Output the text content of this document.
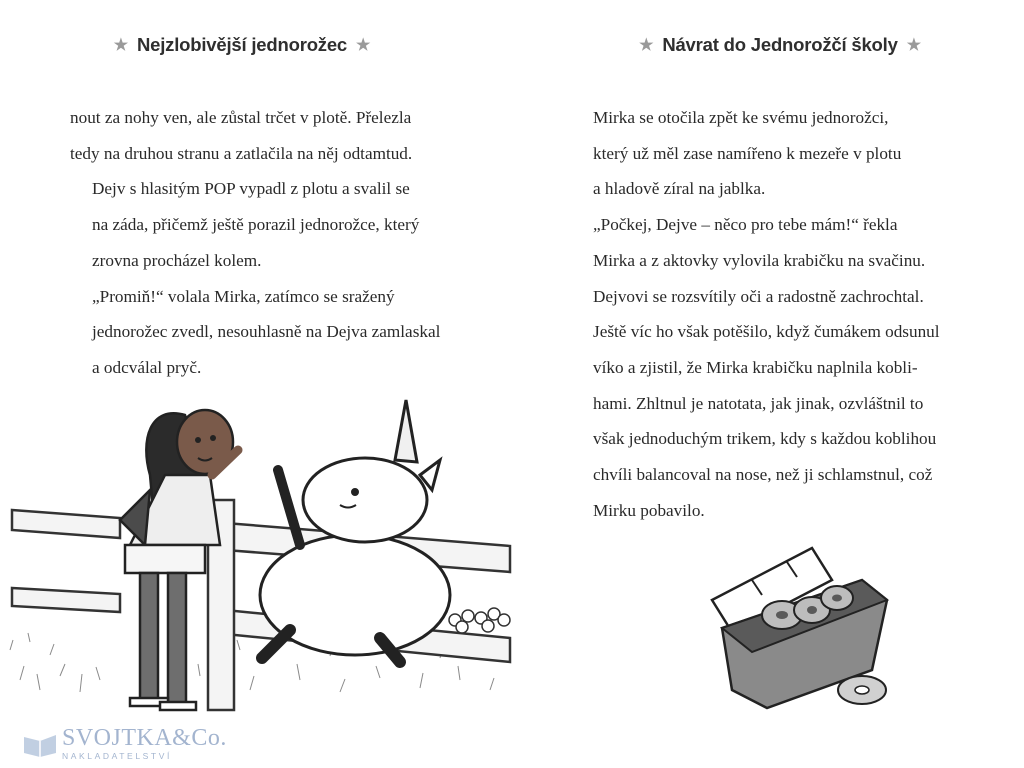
★ Nejzlobivější jednorožec ★

nout za nohy ven, ale zůstal trčet v plotě. Přelezla
tedy na druhou stranu a zatlačila na něj odtamtud.

Dejv s hlasitým POP vypadl z plotu a svalil se
na záda, přičemž ještě porazil jednorožce, který
zrovna procházel kolem.

„Promiň!“ volala Mirka, zatímco se sražený
jednorožec zvedl, nesouhlasně na Dejva zamlaskal
a odcválal pryč.

SVOJTKA&Co.
NAKLADATELSTVÍ
★ Návrat do Jednorožčí školy ★

Mirka se otočila zpět ke svému jednorožci,
který už měl zase namířeno k mezeře v plotu
a hladově zíral na jablka.

„Počkej, Dejve – něco pro tebe mám!“ řekla
Mirka a z aktovky vylovila krabičku na svačinu.

Dejvovi se rozsvítily oči a radostně zachrochtal.
Ještě víc ho však potěšilo, když čumákem odsunul
víko a zjistil, že Mirka krabičku naplnila kobli-
hami. Zhltnul je natotata, jak jinak, ozvláštnil to
však jednoduchým trikem, kdy s každou koblihou
chvíli balancoval na nose, než ji schlamstnul, což
Mirku pobavilo.
